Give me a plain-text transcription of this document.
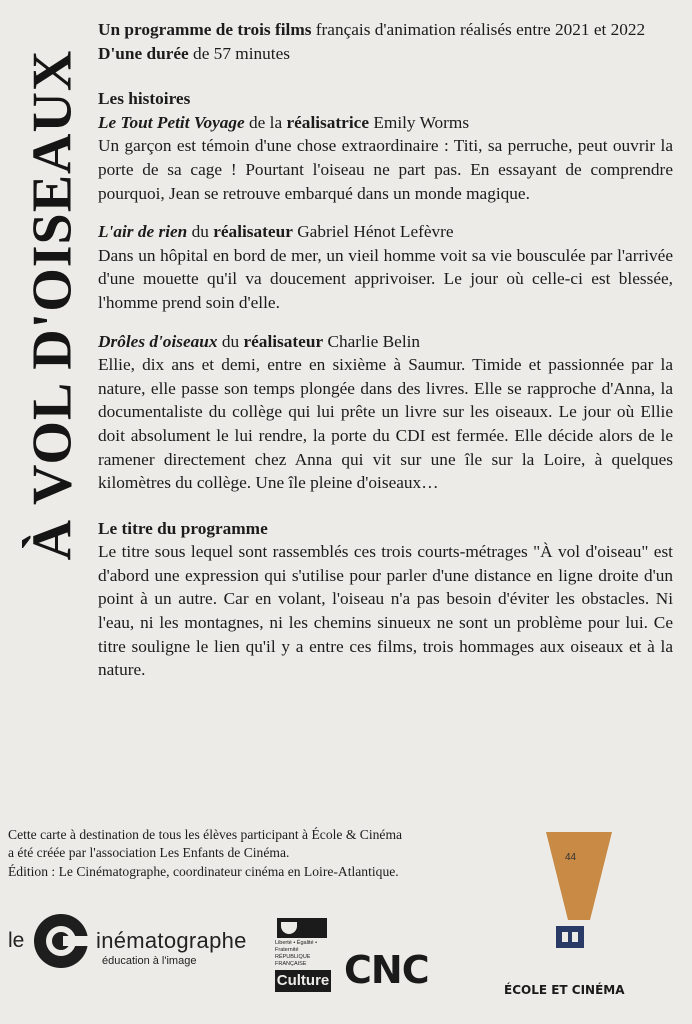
À VOL D'OISEAUX

Un programme de trois films français d'animation réalisés entre 2021 et 2022

D'une durée de 57 minutes

Les histoires

Le Tout Petit Voyage de la réalisatrice Emily Worms

Un garçon est témoin d'une chose extraordinaire : Titi, sa perruche, peut ouvrir la porte de sa cage ! Pourtant l'oiseau ne part pas. En essayant de comprendre pourquoi, Jean se retrouve embarqué dans un monde magique.

L'air de rien du réalisateur Gabriel Hénot Lefèvre

Dans un hôpital en bord de mer, un vieil homme voit sa vie bousculée par l'arrivée d'une mouette qu'il va doucement apprivoiser. Le jour où celle-ci est blessée, l'homme prend soin d'elle.

Drôles d'oiseaux du réalisateur Charlie Belin

Ellie, dix ans et demi, entre en sixième à Saumur. Timide et passionnée par la nature, elle passe son temps plongée dans des livres. Elle se rapproche d'Anna, la documentaliste du collège qui lui prête un livre sur les oiseaux. Le jour où Ellie doit absolument le lui rendre, la porte du CDI est fermée. Elle décide alors de le ramener directement chez Anna qui vit sur une île sur la Loire, à quelques kilomètres du collège. Une île pleine d'oiseaux…

Le titre du programme

Le titre sous lequel sont rassemblés ces trois courts-métrages "À vol d'oiseau" est d'abord une expression qui s'utilise pour parler d'une distance en ligne droite d'un point à un autre. Car en volant, l'oiseau n'a pas besoin d'éviter les obstacles. Ni l'eau, ni les montagnes, ni les chemins sinueux ne sont un problème pour lui. Ce titre souligne le lien qu'il y a entre ces films, trois hommages aux oiseaux et à la nature.

Cette carte à destination de tous les élèves participant à École & Cinéma

a été créée par l'association Les Enfants de Cinéma.

Édition : Le Cinématographe, coordinateur cinéma en Loire-Atlantique.

le	inématographe
éducation à l'image
Liberté • Égalité • Fraternité RÉPUBLIQUE FRANÇAISE
Culture CNC
44
ÉCOLE ET CINÉMA
